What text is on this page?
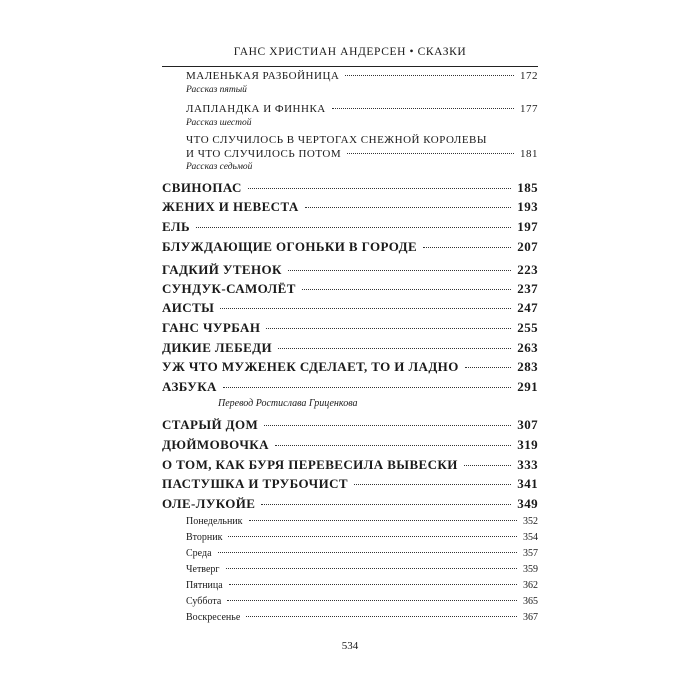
ГАНС ХРИСТИАН АНДЕРСЕН • СКАЗКИ
МАЛЕНЬКАЯ РАЗБОЙНИЦА	172
Рассказ пятый
ЛАПЛАНДКА И ФИННКА	177
Рассказ шестой
ЧТО СЛУЧИЛОСЬ В ЧЕРТОГАХ СНЕЖНОЙ КОРОЛЕВЫ
И ЧТО СЛУЧИЛОСЬ ПОТОМ	181
Рассказ седьмой
СВИНОПАС	185
ЖЕНИХ И НЕВЕСТА	193
ЕЛЬ	197
БЛУЖДАЮЩИЕ ОГОНЬКИ В ГОРОДЕ	207
ГАДКИЙ УТЕНОК	223
СУНДУК-САМОЛЁТ	237
АИСТЫ	247
ГАНС ЧУРБАН	255
ДИКИЕ ЛЕБЕДИ	263
УЖ ЧТО МУЖЕНЕК СДЕЛАЕТ, ТО И ЛАДНО	283
АЗБУКА	291
Перевод Ростислава Гриценкова
СТАРЫЙ ДОМ	307
ДЮЙМОВОЧКА	319
О ТОМ, КАК БУРЯ ПЕРЕВЕСИЛА ВЫВЕСКИ	333
ПАСТУШКА И ТРУБОЧИСТ	341
ОЛЕ-ЛУКОЙЕ	349
Понедельник	352
Вторник	354
Среда	357
Четверг	359
Пятница	362
Суббота	365
Воскресенье	367
534
